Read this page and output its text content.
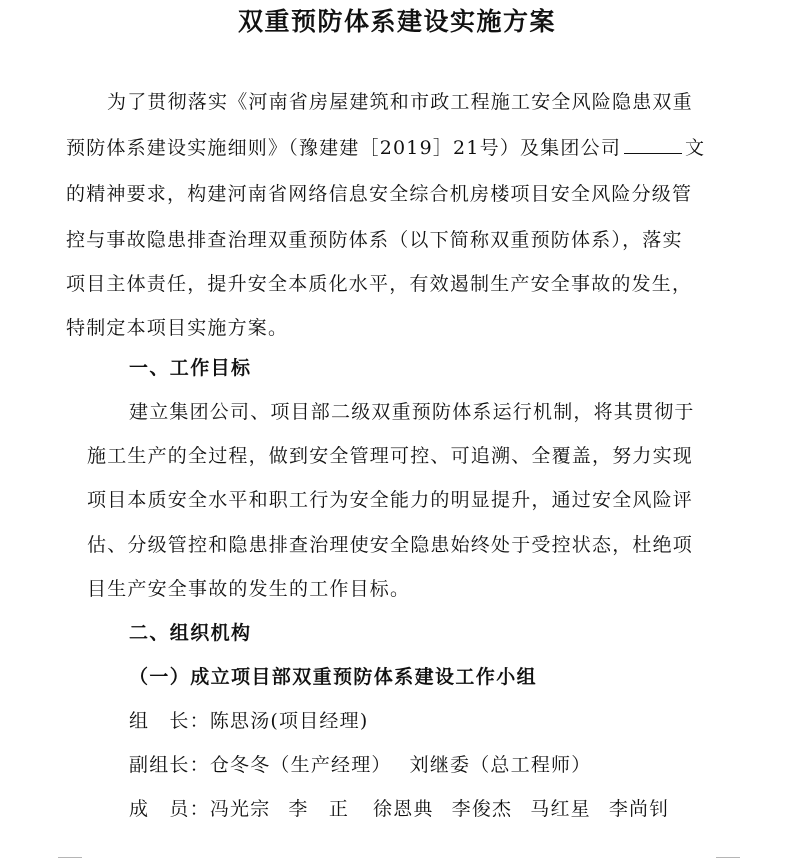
双重预防体系建设实施方案
为了贯彻落实《河南省房屋建筑和市政工程施工安全风险隐患双重
预防体系建设实施细则》（豫建建［2019］21号）及集团公司	文
的精神要求，构建河南省网络信息安全综合机房楼项目安全风险分级管
控与事故隐患排查治理双重预防体系（以下简称双重预防体系），落实
项目主体责任，提升安全本质化水平，有效遏制生产安全事故的发生，
特制定本项目实施方案。
一、工作目标
建立集团公司、项目部二级双重预防体系运行机制，将其贯彻于
施工生产的全过程，做到安全管理可控、可追溯、全覆盖，努力实现
项目本质安全水平和职工行为安全能力的明显提升，通过安全风险评
估、分级管控和隐患排查治理使安全隐患始终处于受控状态，杜绝项
目生产安全事故的发生的工作目标。
二、组织机构
（一）成立项目部双重预防体系建设工作小组
组　长：陈思汤(项目经理)
副组长：仓冬冬（生产经理） 刘继委（总工程师）
成　员：冯光宗 李　正 徐恩典 李俊杰 马红星 李尚钊
